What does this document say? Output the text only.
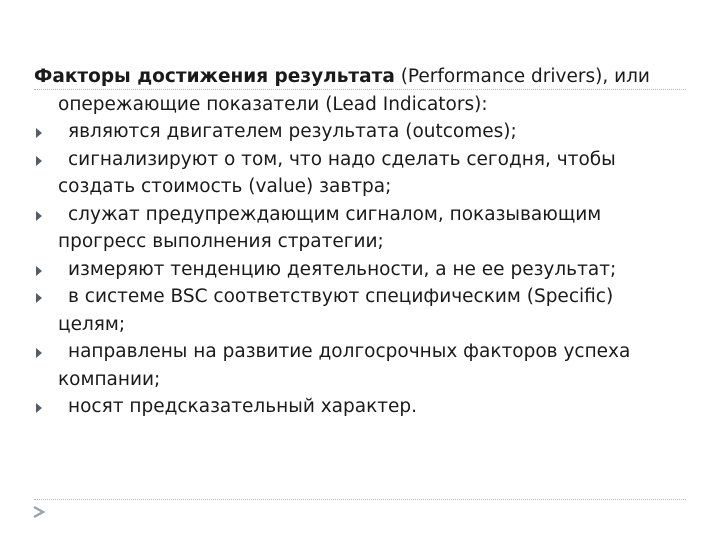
Факторы достижения результата (Performance drivers), или
опережающие показатели (Lead Indicators):

являются двигателем результата (outcomes);
сигнализируют о том, что надо сделать сегодня, чтобы
создать стоимость (value) завтра;
служат предупреждающим сигналом, показывающим
прогресс выполнения стратегии;
измеряют тенденцию деятельности, а не ее результат;
в системе BSC соответствуют специфическим (Specific)
целям;
направлены на развитие долгосрочных факторов успеха
компании;
носят предсказательный характер.
